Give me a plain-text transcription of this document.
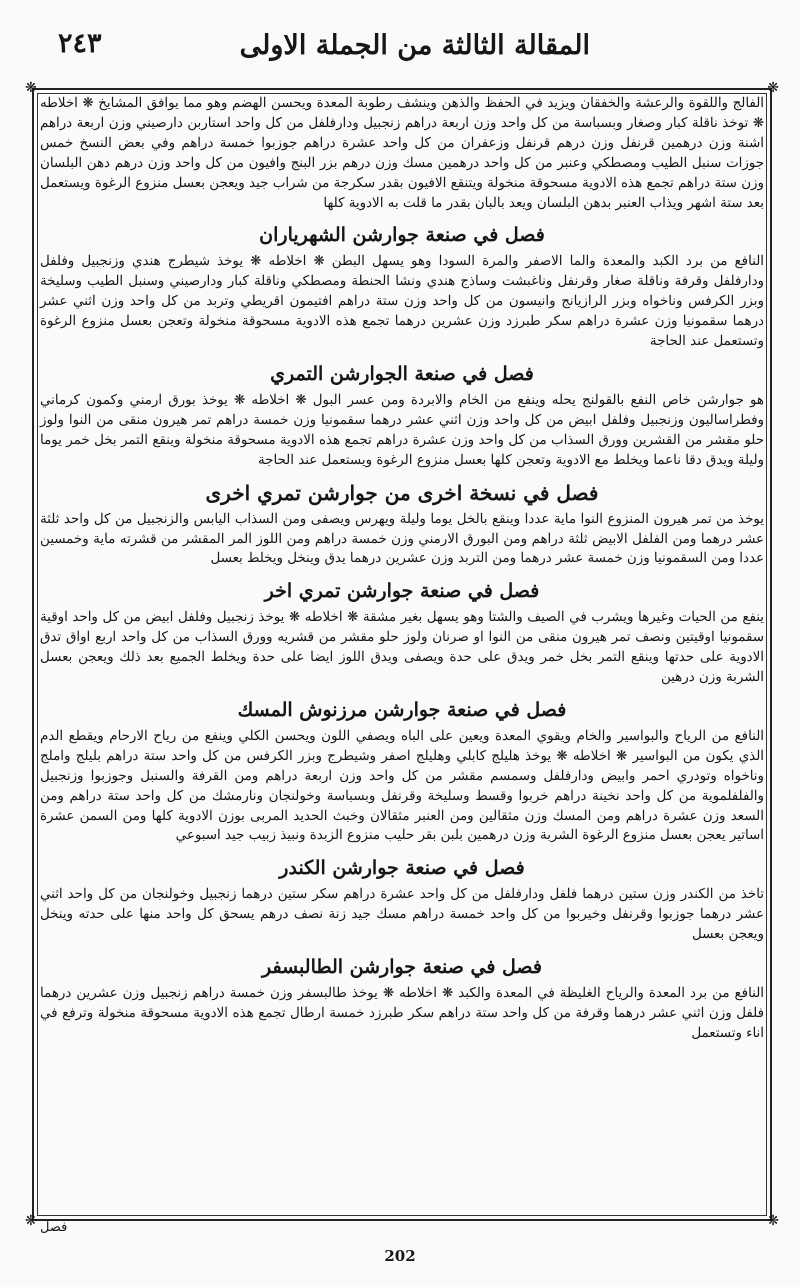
٢٤٣	المقالة الثالثة من الجملة الاولى
❋	❋
❋	❋

الفالج واللقوة والرعشة والخفقان ويزيد في الحفظ والذهن وينشف رطوبة المعدة ويحسن الهضم وهو مما يوافق المشايخ ❋ اخلاطه ❋ توخذ ناقلة كبار وصغار وبسباسة من كل واحد وزن اربعة دراهم زنجبيل ودارفلفل من كل واحد استاربن دارصيني وزن اربعة دراهم اشنة وزن درهمين قرنفل وزن درهم قرنفل وزعفران من كل واحد عشرة دراهم جوزبوا خمسة دراهم وفي بعض النسخ خمس جوزات سنبل الطيب ومصطكي وعنبر من كل واحد درهمين مسك وزن درهم بزر البنج وافيون من كل واحد وزن درهم دهن البلسان وزن ستة دراهم تجمع هذه الادوية مسحوقة منخولة ويتنقع الافيون بقدر سكرجة من شراب جيد ويعجن بعسل منزوع الرغوة ويستعمل بعد ستة اشهر ويذاب العنبر بدهن البلسان ويعد بالبان بقدر ما قلت به الادوية كلها

فصل في صنعة جوارشن الشهرياران

النافع من برد الكبد والمعدة والما الاصفر والمرة السودا وهو يسهل البطن ❋ اخلاطه ❋ يوخذ شيطرج هندي وزنجبيل وفلفل ودارفلفل وقرفة وناقلة صغار وقرنفل وناغبشت وساذج هندي ونشا الحنطة ومصطكي وناقلة كبار ودارصيني وسنبل الطيب وسليخة وبزر الكرفس وناخواه وبزر الرازيانج وانيسون من كل واحد وزن ستة دراهم افتيمون اقريطي وتربد من كل واحد وزن اثني عشر درهما سقمونيا وزن عشرة دراهم سكر طبرزد وزن عشرين درهما تجمع هذه الادوية مسحوقة منخولة وتعجن بعسل منزوع الرغوة وتستعمل عند الحاجة

فصل في صنعة الجوارشن التمري

هو جوارشن خاص النفع بالقولنج يحله وينفع من الخام والابردة ومن عسر البول ❋ اخلاطه ❋ يوخذ بورق ارمني وكمون كرماني وفطراساليون وزنجبيل وفلفل ابيض من كل واحد وزن اثني عشر درهما سقمونيا وزن خمسة دراهم تمر هيرون منقى من النوا ولوز حلو مقشر من القشرين وورق السذاب من كل واحد وزن عشرة دراهم تجمع هذه الادوية مسحوقة منخولة وينقع التمر بخل خمر يوما وليلة ويدق دقا ناعما ويخلط مع الادوية وتعجن كلها بعسل منزوع الرغوة ويستعمل عند الحاجة

فصل في نسخة اخرى من جوارشن تمري اخرى

يوخذ من تمر هيرون المنزوع النوا ماية عددا وينقع بالخل يوما وليلة ويهرس ويصفى ومن السذاب اليابس والزنجبيل من كل واحد ثلثة عشر درهما ومن الفلفل الابيض ثلثة دراهم ومن البورق الارمني وزن خمسة دراهم ومن اللوز المر المقشر من قشرته ماية وخمسين عددا ومن السقمونيا وزن خمسة عشر درهما ومن التربد وزن عشرين درهما يدق وينخل ويخلط بعسل

فصل في صنعة جوارشن تمري اخر

ينفع من الحيات وغيرها ويشرب في الصيف والشتا وهو يسهل بغير مشقة ❋ اخلاطه ❋ يوخذ زنجبيل وفلفل ابيض من كل واحد اوقية سقمونيا اوقيتين ونصف تمر هيرون منقى من النوا او صرنان ولوز حلو مقشر من قشريه وورق السذاب من كل واحد اربع اواق تدق الادوية على حدتها وينقع التمر بخل خمر ويدق على حدة ويصفى ويدق اللوز ايضا على حدة ويخلط الجميع بعد ذلك ويعجن بعسل الشربة وزن درهين

فصل في صنعة جوارشن مرزنوش المسك

النافع من الرياح والبواسير والخام ويقوي المعدة ويعين على الباه ويصفي اللون ويحسن الكلي وينفع من رياح الارحام ويقطع الدم الذي يكون من البواسير ❋ اخلاطه ❋ يوخذ هليلج كابلي وهليلج اصفر وشيطرج وبزر الكرفس من كل واحد ستة دراهم بليلج واملج وناخواه وتودري احمر وابيض ودارفلفل وسمسم مقشر من كل واحد وزن اربعة دراهم ومن القرفة والسنبل وجوزبوا وزنجبيل والفلفلموية من كل واحد نخينة دراهم خربوا وقسط وسليخة وقرنفل وبسباسة وخولنجان ونارمشك من كل واحد ستة دراهم ومن السعد وزن عشرة دراهم ومن المسك وزن مثقالين ومن العنبر مثقالان وخبث الحديد المربى بوزن الادوية كلها ومن السمن عشرة اساتير يعجن بعسل منزوع الرغوة الشربة وزن درهمين بلبن بقر حليب منزوع الزبدة ونبيذ زبيب جيد اسبوعي

فصل في صنعة جوارشن الكندر

تاخذ من الكندر وزن ستين درهما فلفل ودارفلفل من كل واحد عشرة دراهم سكر ستين درهما زنجبيل وخولنجان من كل واحد اثني عشر درهما جوزبوا وقرنفل وخيربوا من كل واحد خمسة دراهم مسك جيد زنة نصف درهم يسحق كل واحد منها على حدته وينخل ويعجن بعسل

فصل في صنعة جوارشن الطالبسفر

النافع من برد المعدة والرياح الغليظة في المعدة والكبد ❋ اخلاطه ❋ يوخذ طالبسفر وزن خمسة دراهم زنجبيل وزن عشرين درهما فلفل وزن اثني عشر درهما وقرفة من كل واحد ستة دراهم سكر طبرزد خمسة ارطال تجمع هذه الادوية مسحوقة منخولة وترفع في اناء وتستعمل

فصل
202
